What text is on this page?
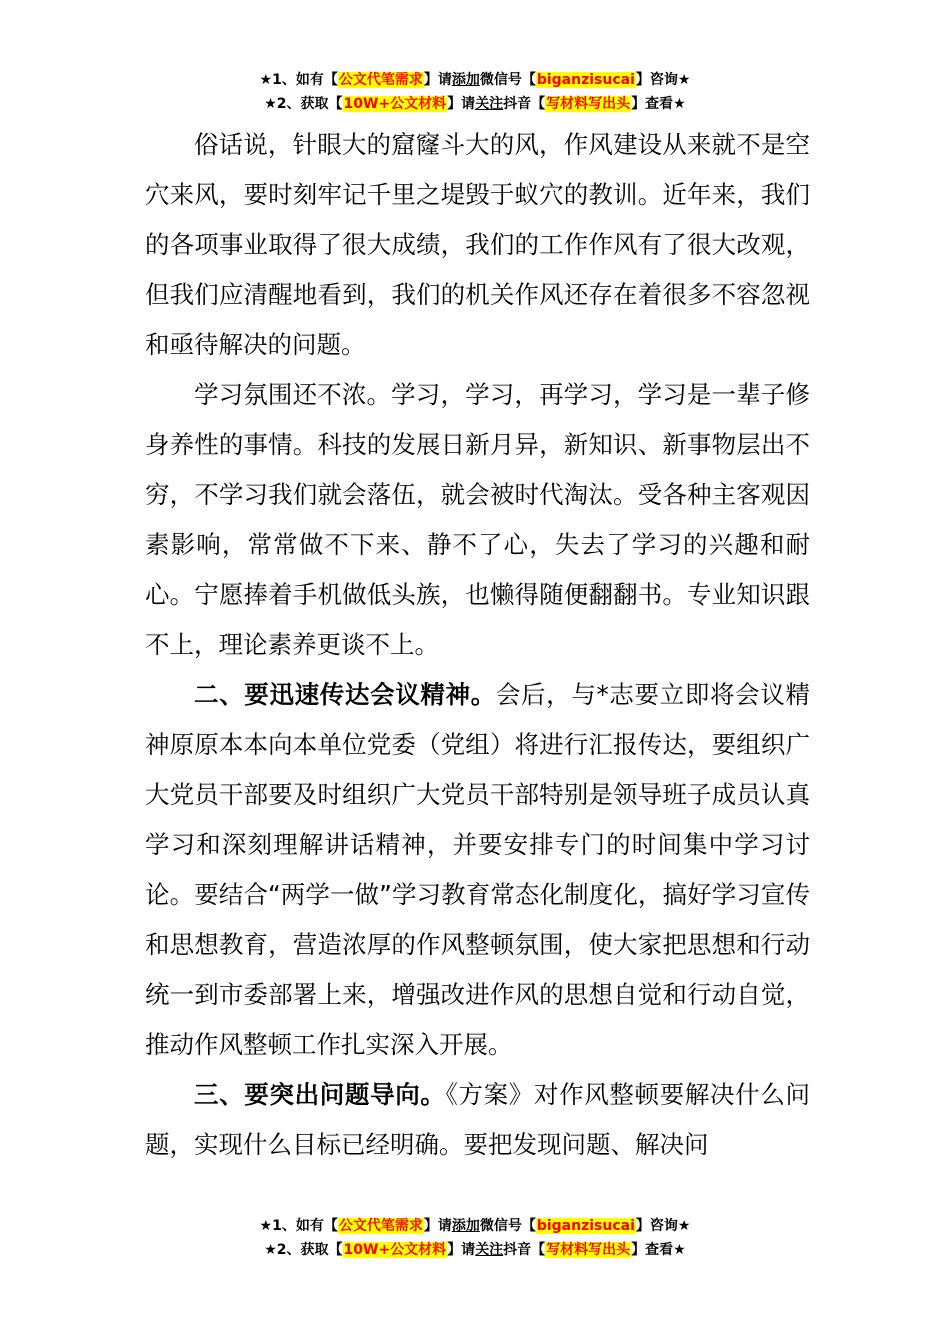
★1、如有【公文代笔需求】请添加微信号【biganzisucai】咨询★
★2、获取【10W+公文材料】请关注抖音【写材料写出头】查看★

俗话说，针眼大的窟窿斗大的风，作风建设从来就不是空穴来风，要时刻牢记千里之堤毁于蚁穴的教训。近年来，我们的各项事业取得了很大成绩，我们的工作作风有了很大改观，但我们应清醒地看到，我们的机关作风还存在着很多不容忽视和亟待解决的问题。

学习氛围还不浓。学习，学习，再学习，学习是一辈子修身养性的事情。科技的发展日新月异，新知识、新事物层出不穷，不学习我们就会落伍，就会被时代淘汰。受各种主客观因素影响，常常做不下来、静不了心，失去了学习的兴趣和耐心。宁愿捧着手机做低头族，也懒得随便翻翻书。专业知识跟不上，理论素养更谈不上。

二、要迅速传达会议精神。会后，与*志要立即将会议精神原原本本向本单位党委（党组）将进行汇报传达，要组织广大党员干部要及时组织广大党员干部特别是领导班子成员认真学习和深刻理解讲话精神，并要安排专门的时间集中学习讨论。要结合“两学一做”学习教育常态化制度化，搞好学习宣传和思想教育，营造浓厚的作风整顿氛围，使大家把思想和行动统一到市委部署上来，增强改进作风的思想自觉和行动自觉，推动作风整顿工作扎实深入开展。

三、要突出问题导向。《方案》对作风整顿要解决什么问题，实现什么目标已经明确。要把发现问题、解决问

★1、如有【公文代笔需求】请添加微信号【biganzisucai】咨询★
★2、获取【10W+公文材料】请关注抖音【写材料写出头】查看★
